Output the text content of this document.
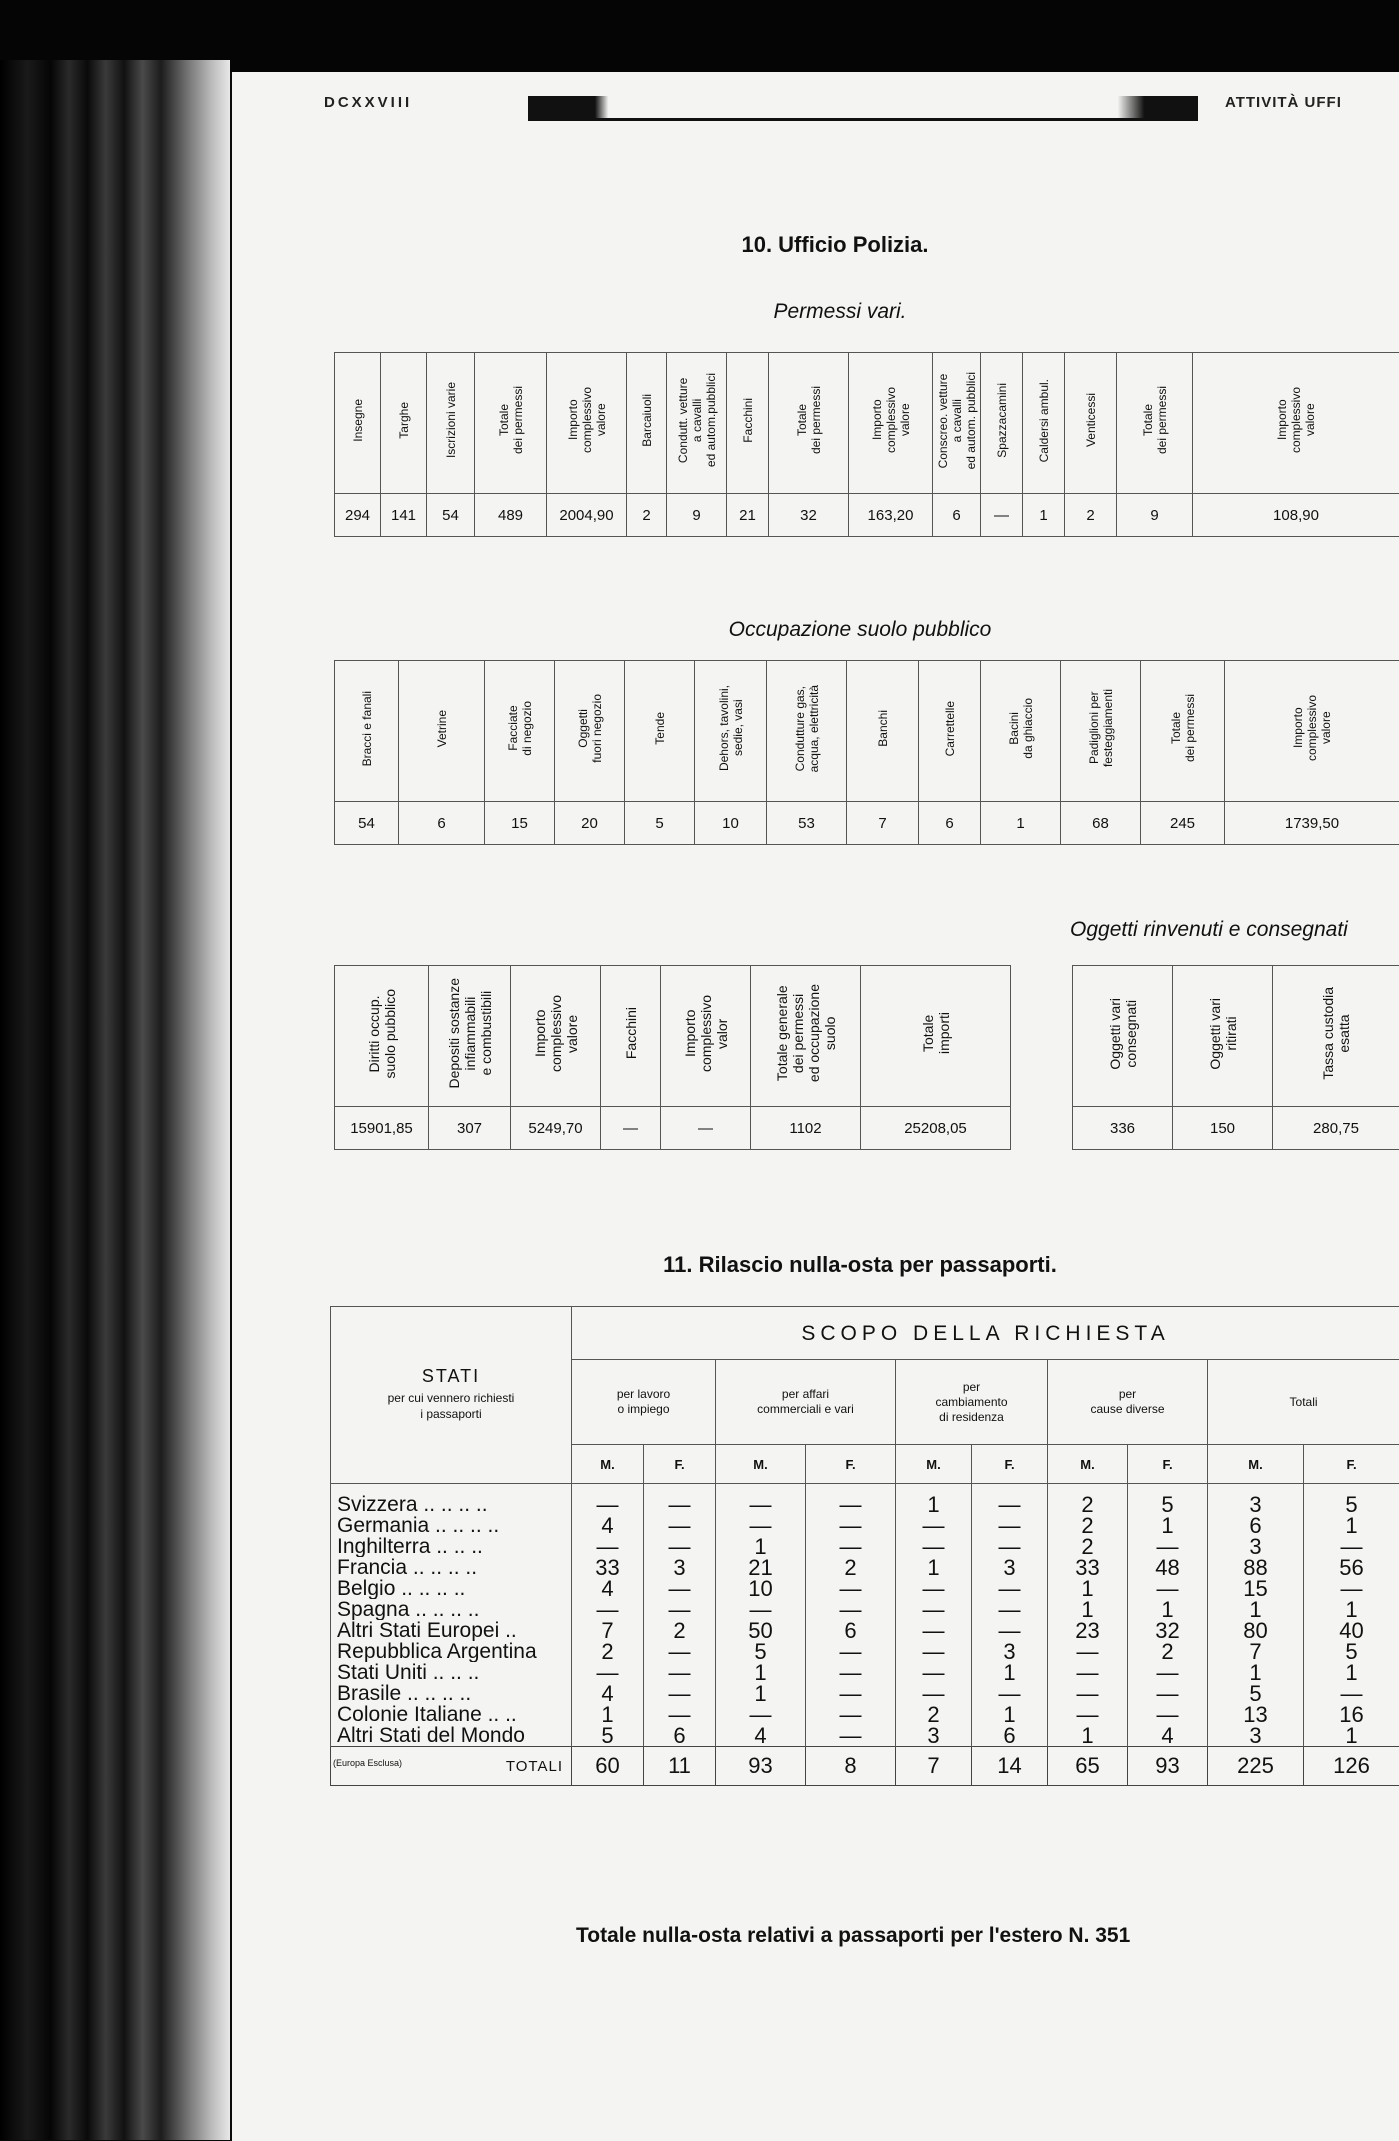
DCXXVIII	ATTIVITÀ UFFI
10. Ufficio Polizia.
Permessi vari.
Insegne	Targhe	Iscrizioni varie	Totale
dei permessi	Importo
complessivo
valore	Barcaiuoli	Condutt. vetture
a cavalli
ed autom.pubblici	Facchini	Totale
dei permessi	Importo
complessivo
valore	Conscreo. vetture
a cavalli
ed autom. pubblici	Spazzacamini	Caldersi ambul.	Venticessi	Totale
dei permessi	Importo
complessivo
valore
294	141	54	489	2004,90	2	9	21	32	163,20	6	—	1	2	9	108,90
Occupazione suolo pubblico
Bracci e fanali	Vetrine	Facciate
di negozio	Oggetti
fuori negozio	Tende	Dehors, tavolini,
sedie, vasi	Condutture gas,
acqua, elettricità	Banchi	Carrettelle	Bacini
da ghiaccio	Padiglioni per
festeggiamenti	Totale
dei permessi	Importo
complessivo
valore
54	6	15	20	5	10	53	7	6	1	68	245	1739,50
Oggetti rinvenuti e consegnati
Diritti occup.
suolo pubblico	Depositi sostanze
infiammabili
e combustibili	Importo
complessivo
valore	Facchini	Importo
complessivo
valor	Totale generale
dei permessi
ed occupazione
suolo	Totale
importi
15901,85	307	5249,70	—	—	1102	25208,05
Oggetti vari
consegnati	Oggetti vari
ritirati	Tassa custodia
esatta
336	150	280,75
11. Rilascio nulla-osta per passaporti.
STATI
per cui vennero richiesti
i passaporti	SCOPO DELLA RICHIESTA									
	per lavoro
o impiego		per affari
commerciali e vari		per
cambiamento
di residenza		per
cause diverse		Totali	
	M.	F.	M.	F.	M.	F.	M.	F.	M.	F.
Svizzera .. .. .. ..	—	—	—	—	1	—	2	5	3	5
Germania .. .. .. ..	4	—	—	—	—	—	2	1	6	1
Inghilterra .. .. ..	—	—	1	—	—	—	2	—	3	—
Francia .. .. .. ..	33	3	21	2	1	3	33	48	88	56
Belgio .. .. .. ..	4	—	10	—	—	—	1	—	15	—
Spagna .. .. .. ..	—	—	—	—	—	—	1	1	1	1
Altri Stati Europei ..	7	2	50	6	—	—	23	32	80	40
Repubblica Argentina	2	—	5	—	—	3	—	2	7	5
Stati Uniti .. .. ..	—	—	1	—	—	1	—	—	1	1
Brasile .. .. .. ..	4	—	1	—	—	—	—	—	5	—
Colonie Italiane .. ..	1	—	—	—	2	1	—	—	13	16
Altri Stati del Mondo	5	6	4	—	3	6	1	4	3	1

(Europa Esclusa) TOTALI	60	11	93	8	7	14	65	93	225	126
Totale nulla-osta relativi a passaporti per l'estero N. 351
